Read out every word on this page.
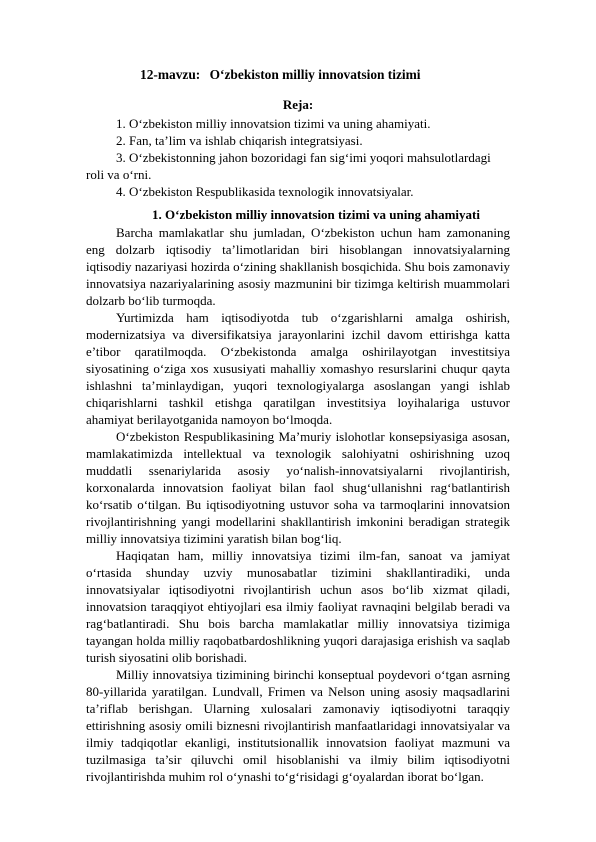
12-mavzu: O‘zbekiston milliy innovatsion tizimi
Reja:
1. O‘zbekiston milliy innovatsion tizimi va uning ahamiyati.
2. Fan, ta’lim va ishlab chiqarish integratsiyasi.
3. O‘zbekistonning jahon bozoridagi fan sig‘imi yoqori mahsulotlardagi roli va o‘rni.
4. O‘zbekiston Respublikasida texnologik innovatsiyalar.
1. O‘zbekiston milliy innovatsion tizimi va uning ahamiyati

Barcha mamlakatlar shu jumladan, O‘zbekiston uchun ham zamonaning eng dolzarb iqtisodiy ta’limotlaridan biri hisoblangan innovatsiyalarning iqtisodiy nazariyasi hozirda o‘zining shakllanish bosqichida. Shu bois zamonaviy innovatsiya nazariyalarining asosiy mazmunini bir tizimga keltirish muammolari dolzarb bo‘lib turmoqda.

Yurtimizda ham iqtisodiyotda tub o‘zgarishlarni amalga oshirish, modernizatsiya va diversifikatsiya jarayonlarini izchil davom ettirishga katta e’tibor qaratilmoqda. O‘zbekistonda amalga oshirilayotgan investitsiya siyosatining o‘ziga xos xususiyati mahalliy xomashyo resurslarini chuqur qayta ishlashni ta’minlaydigan, yuqori texnologiyalarga asoslangan yangi ishlab chiqarishlarni tashkil etishga qaratilgan investitsiya loyihalariga ustuvor ahamiyat berilayotganida namoyon bo‘lmoqda.

O‘zbekiston Respublikasining Ma’muriy islohotlar konsepsiyasiga asosan, mamlakatimizda intellektual va texnologik salohiyatni oshirishning uzoq muddatli ssenariylarida asosiy yo‘nalish-innovatsiyalarni rivojlantirish, korxonalarda innovatsion faoliyat bilan faol shug‘ullanishni rag‘batlantirish ko‘rsatib o‘tilgan. Bu iqtisodiyotning ustuvor soha va tarmoqlarini innovatsion rivojlantirishning yangi modellarini shakllantirish imkonini beradigan strategik milliy innovatsiya tizimini yaratish bilan bog‘liq.

Haqiqatan ham, milliy innovatsiya tizimi ilm-fan, sanoat va jamiyat o‘rtasida shunday uzviy munosabatlar tizimini shakllantiradiki, unda innovatsiyalar iqtisodiyotni rivojlantirish uchun asos bo‘lib xizmat qiladi, innovatsion taraqqiyot ehtiyojlari esa ilmiy faoliyat ravnaqini belgilab beradi va rag‘batlantiradi. Shu bois barcha mamlakatlar milliy innovatsiya tizimiga tayangan holda milliy raqobatbardoshlikning yuqori darajasiga erishish va saqlab turish siyosatini olib borishadi.

Milliy innovatsiya tizimining birinchi konseptual poydevori o‘tgan asrning 80-yillarida yaratilgan. Lundvall, Frimen va Nelson uning asosiy maqsadlarini ta’riflab berishgan. Ularning xulosalari zamonaviy iqtisodiyotni taraqqiy ettirishning asosiy omili biznesni rivojlantirish manfaatlaridagi innovatsiyalar va ilmiy tadqiqotlar ekanligi, institutsionallik innovatsion faoliyat mazmuni va tuzilmasiga ta’sir qiluvchi omil hisoblanishi va ilmiy bilim iqtisodiyotni rivojlantirishda muhim rol o‘ynashi to‘g‘risidagi g‘oyalardan iborat bo‘lgan.
